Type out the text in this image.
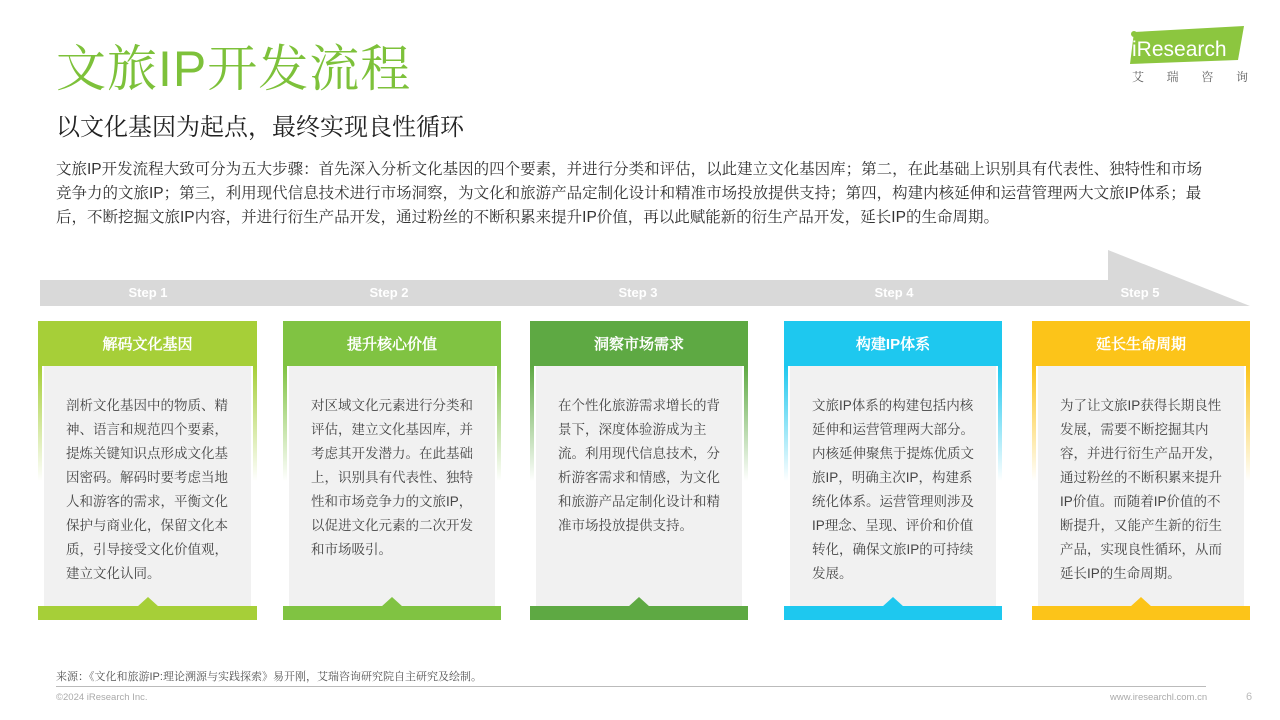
文旅IP开发流程
以文化基因为起点，最终实现良性循环
文旅IP开发流程大致可分为五大步骤：首先深入分析文化基因的四个要素，并进行分类和评估，以此建立文化基因库；第二，在此基础上识别具有代表性、独特性和市场竞争力的文旅IP；第三，利用现代信息技术进行市场洞察，为文化和旅游产品定制化设计和精准市场投放提供支持；第四，构建内核延伸和运营管理两大文旅IP体系；最后，不断挖掘文旅IP内容，并进行衍生产品开发，通过粉丝的不断积累来提升IP价值，再以此赋能新的衍生产品开发，延长IP的生命周期。
iResearch
艾 瑞 咨 询
Step 1	Step 2	Step 3	Step 4	Step 5
解码文化基因
剖析文化基因中的物质、精神、语言和规范四个要素，提炼关键知识点形成文化基因密码。解码时要考虑当地人和游客的需求，平衡文化保护与商业化，保留文化本质，引导接受文化价值观，建立文化认同。
提升核心价值
对区域文化元素进行分类和评估，建立文化基因库，并考虑其开发潜力。在此基础上，识别具有代表性、独特性和市场竞争力的文旅IP，以促进文化元素的二次开发和市场吸引。
洞察市场需求
在个性化旅游需求增长的背景下，深度体验游成为主流。利用现代信息技术，分析游客需求和情感，为文化和旅游产品定制化设计和精准市场投放提供支持。
构建IP体系
文旅IP体系的构建包括内核延伸和运营管理两大部分。内核延伸聚焦于提炼优质文旅IP，明确主次IP，构建系统化体系。运营管理则涉及IP理念、呈现、评价和价值转化，确保文旅IP的可持续发展。
延长生命周期
为了让文旅IP获得长期良性发展，需要不断挖掘其内容，并进行衍生产品开发，通过粉丝的不断积累来提升IP价值。而随着IP价值的不断提升，又能产生新的衍生产品，实现良性循环，从而延长IP的生命周期。
来源：《文化和旅游IP:理论溯源与实践探索》易开刚，艾瑞咨询研究院自主研究及绘制。
©2024 iResearch Inc.	www.iresearchl.com.cn	6
